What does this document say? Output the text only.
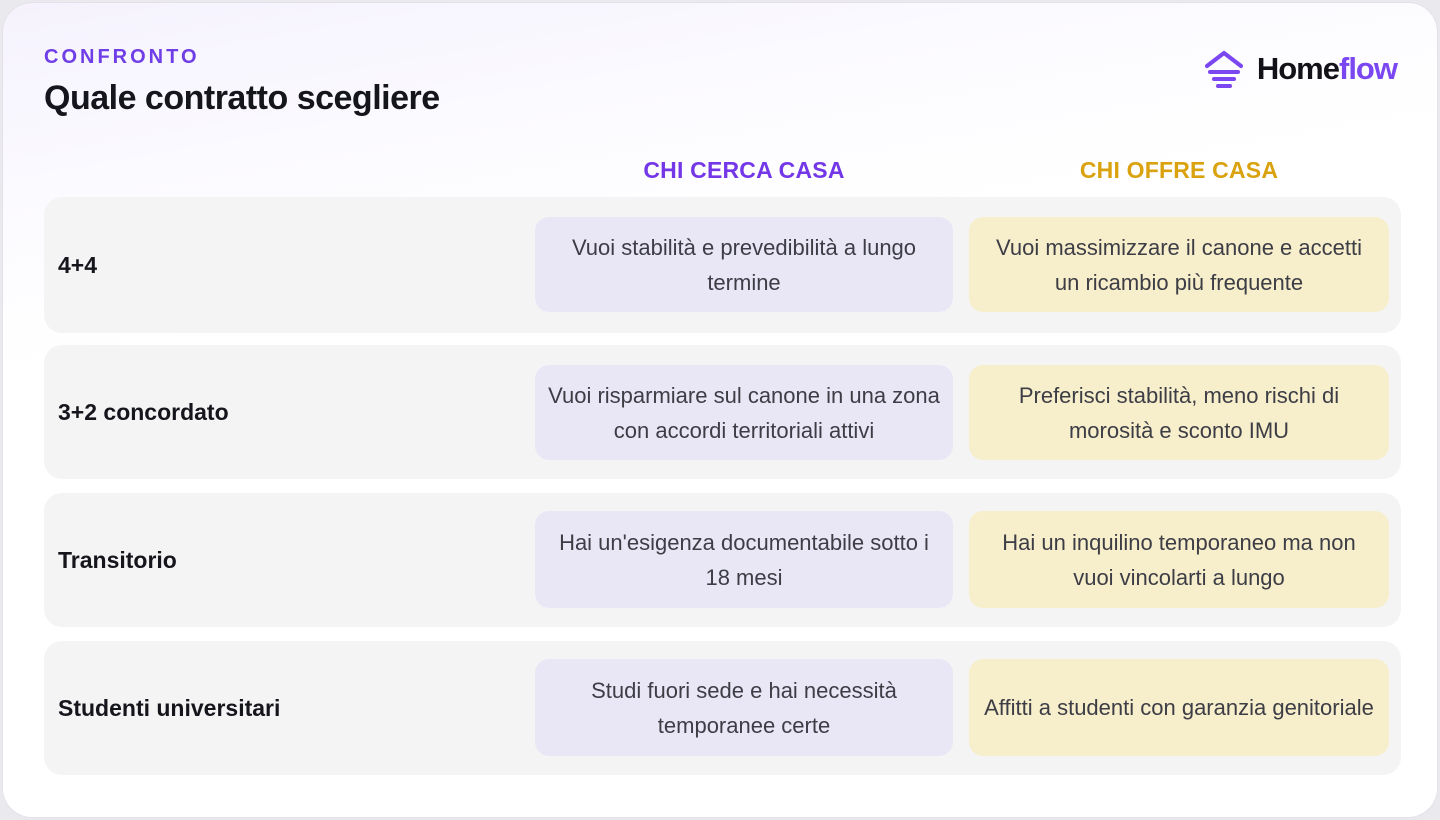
CONFRONTO
Quale contratto scegliere
Homeflow
CHI CERCA CASA	CHI OFFRE CASA
4+4
Vuoi stabilità e prevedibilità a lungo termine
Vuoi massimizzare il canone e accetti un ricambio più frequente
3+2 concordato
Vuoi risparmiare sul canone in una zona con accordi territoriali attivi
Preferisci stabilità, meno rischi di morosità e sconto IMU
Transitorio
Hai un'esigenza documentabile sotto i 18 mesi
Hai un inquilino temporaneo ma non vuoi vincolarti a lungo
Studenti universitari
Studi fuori sede e hai necessità temporanee certe
Affitti a studenti con garanzia genitoriale
